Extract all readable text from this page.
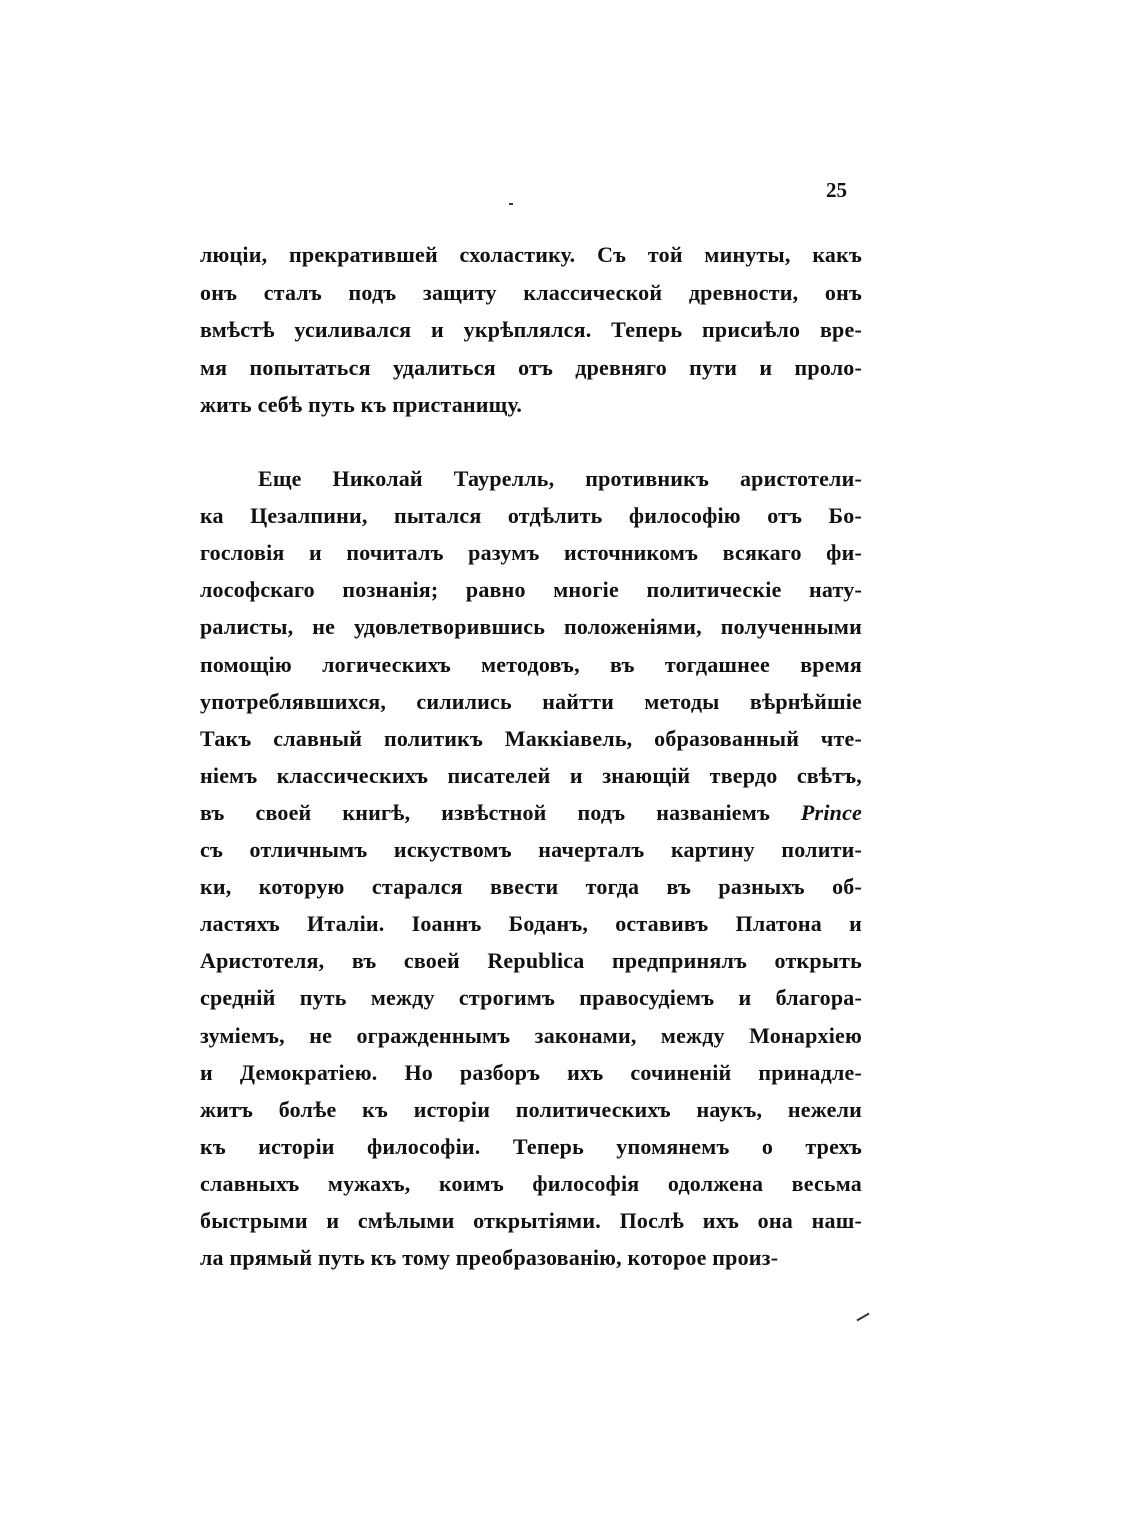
25
люціи, прекратившей схоластику. Съ той минуты, какъ
онъ сталъ подъ защиту классической древности, онъ
вмѣстѣ усиливался и укрѣплялся. Теперь присиѣло вре-
мя попытаться удалиться отъ древняго пути и проло-
жить себѣ путь къ пристанищу.
Еще Николай Таурелль, противникъ аристотели-
ка Цезалпини, пытался отдѣлить философію отъ Бо-
гословія и почиталъ разумъ источникомъ всякаго фи-
лософскаго познанія; равно многіе политическіе нату-
ралисты, не удовлетворившись положеніями, полученными
помощію логическихъ методовъ, въ тогдашнее время
употреблявшихся, силились найтти методы вѣрнѣйшіе
Такъ славный политикъ Маккіавель, образованный чте-
ніемъ классическихъ писателей и знающій твердо свѣтъ,
въ своей книгѣ, извѣстной подъ названіемъ Prince
съ отличнымъ искуствомъ начерталъ картину полити-
ки, которую старался ввести тогда въ разныхъ об-
ластяхъ Италіи. Іоаннъ Боданъ, оставивъ Платона и
Аристотеля, въ своей Republica предпринялъ открыть
средній путь между строгимъ правосудіемъ и благора-
зуміемъ, не огражденнымъ законами, между Монархіею
и Демократіею. Но разборъ ихъ сочиненій принадле-
житъ болѣе къ исторіи политическихъ наукъ, нежели
къ исторіи философіи. Теперь упомянемъ о трехъ
славныхъ мужахъ, коимъ философія одолжена весьма
быстрыми и смѣлыми открытіями. Послѣ ихъ она наш-
ла прямый путь къ тому преобразованію, которое произ-
